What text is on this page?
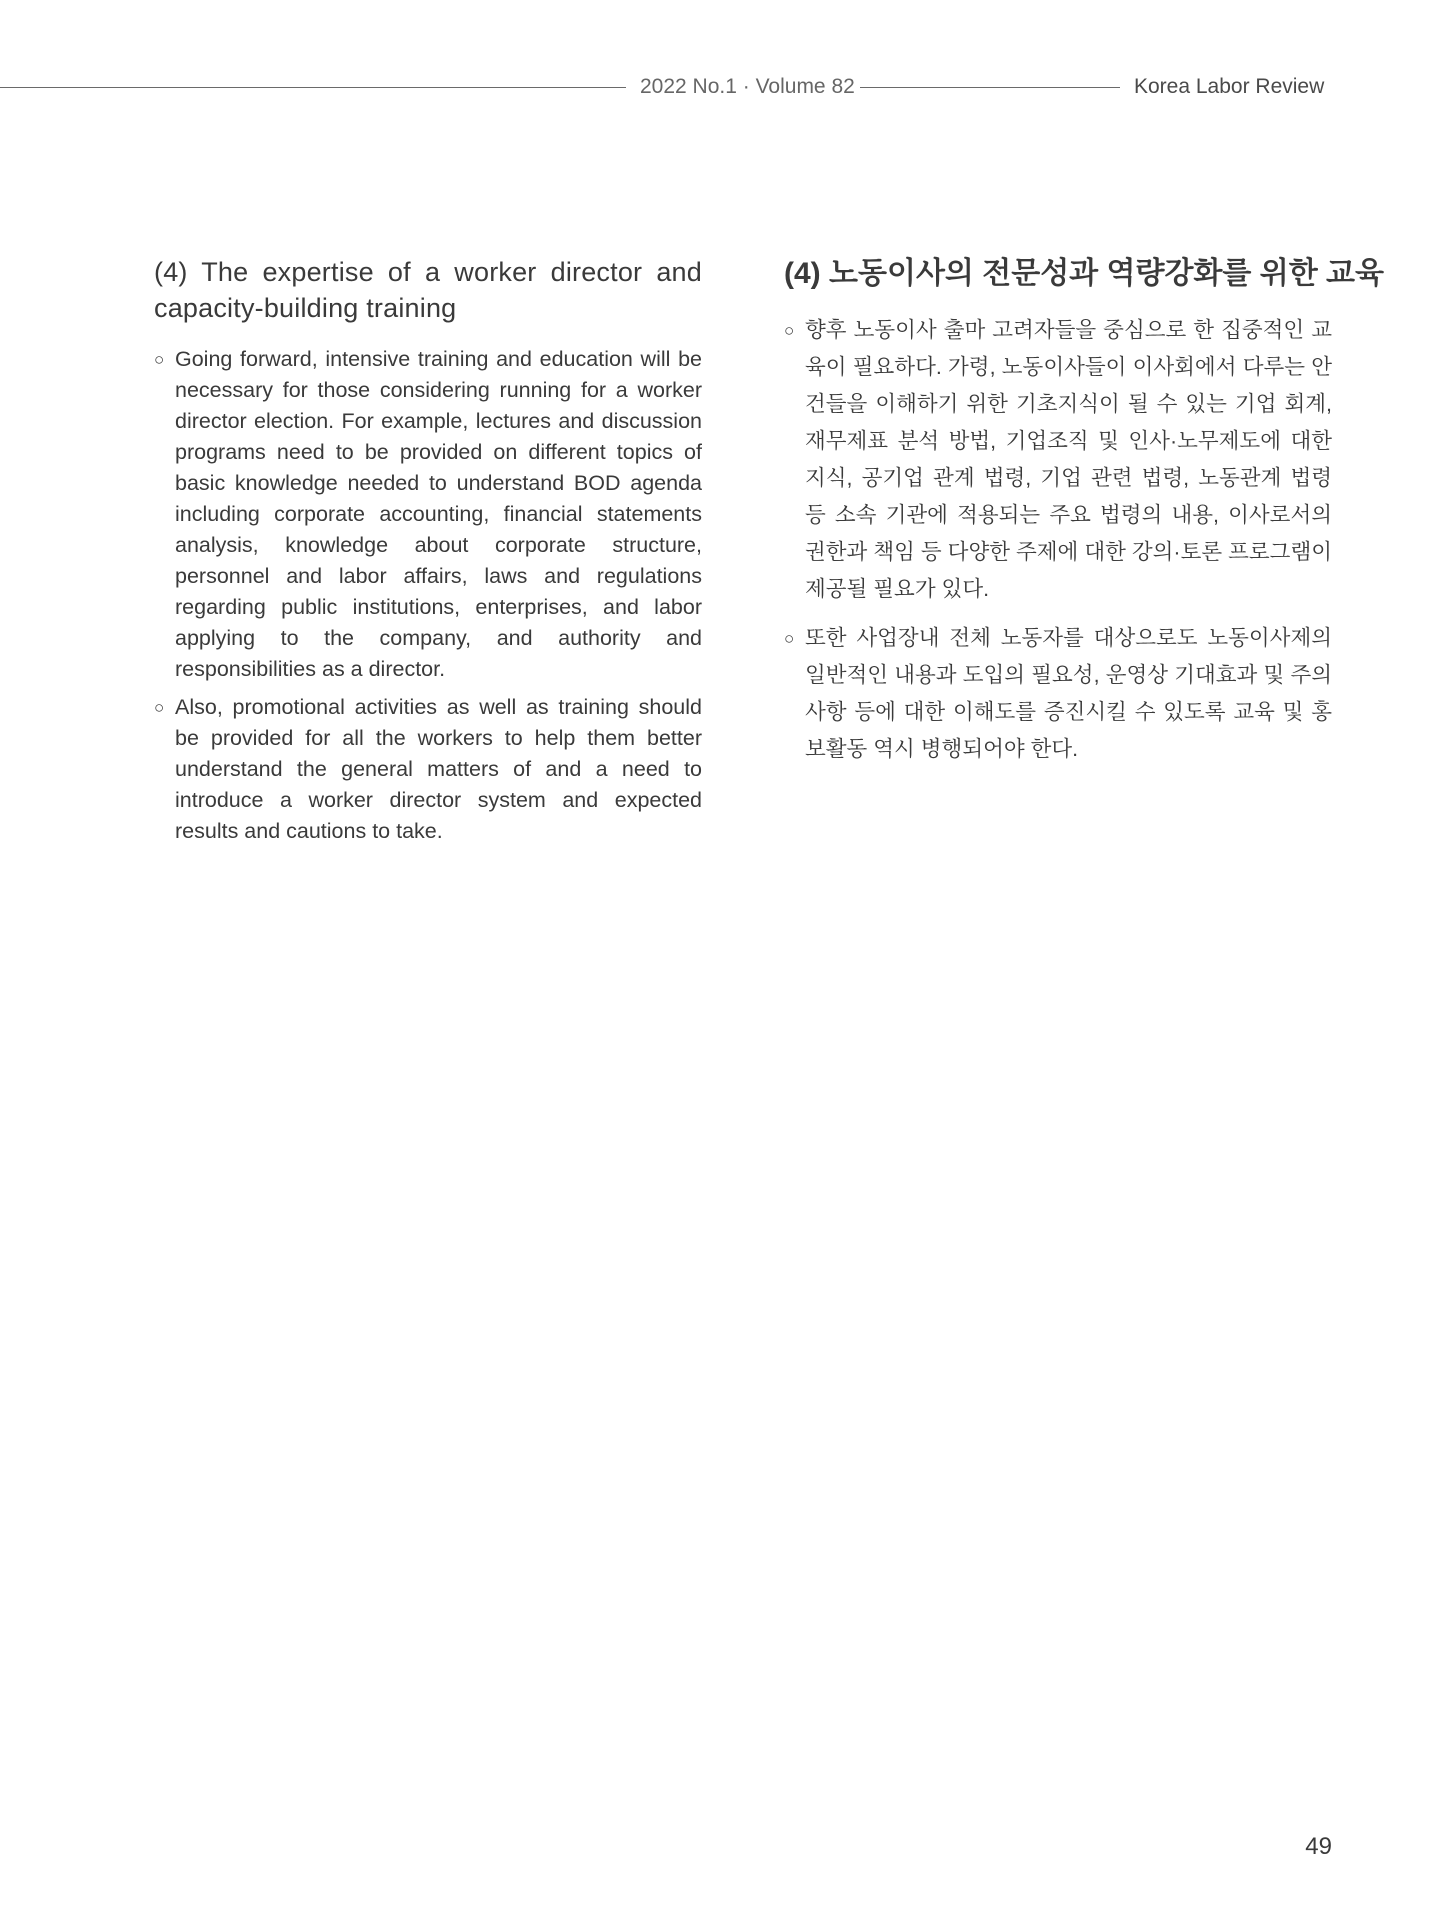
2022 No.1 · Volume 82	Korea Labor Review
(4) The expertise of a worker director and capacity-building training
○ Going forward, intensive training and education will be necessary for those considering running for a worker director election. For example, lectures and discussion programs need to be provided on different topics of basic knowledge needed to understand BOD agenda including corporate accounting, financial statements analysis, knowledge about corporate structure, personnel and labor affairs, laws and regulations regarding public institutions, enterprises, and labor applying to the company, and authority and responsibilities as a director.
○ Also, promotional activities as well as training should be provided for all the workers to help them better understand the general matters of and a need to introduce a worker director system and expected results and cautions to take.
(4) 노동이사의 전문성과 역량강화를 위한 교육
○ 향후 노동이사 출마 고려자들을 중심으로 한 집중적인 교육이 필요하다. 가령, 노동이사들이 이사회에서 다루는 안건들을 이해하기 위한 기초지식이 될 수 있는 기업 회계, 재무제표 분석 방법, 기업조직 및 인사·노무제도에 대한 지식, 공기업 관계 법령, 기업 관련 법령, 노동관계 법령 등 소속 기관에 적용되는 주요 법령의 내용, 이사로서의 권한과 책임 등 다양한 주제에 대한 강의·토론 프로그램이 제공될 필요가 있다.
○ 또한 사업장내 전체 노동자를 대상으로도 노동이사제의 일반적인 내용과 도입의 필요성, 운영상 기대효과 및 주의사항 등에 대한 이해도를 증진시킬 수 있도록 교육 및 홍보활동 역시 병행되어야 한다.
49
